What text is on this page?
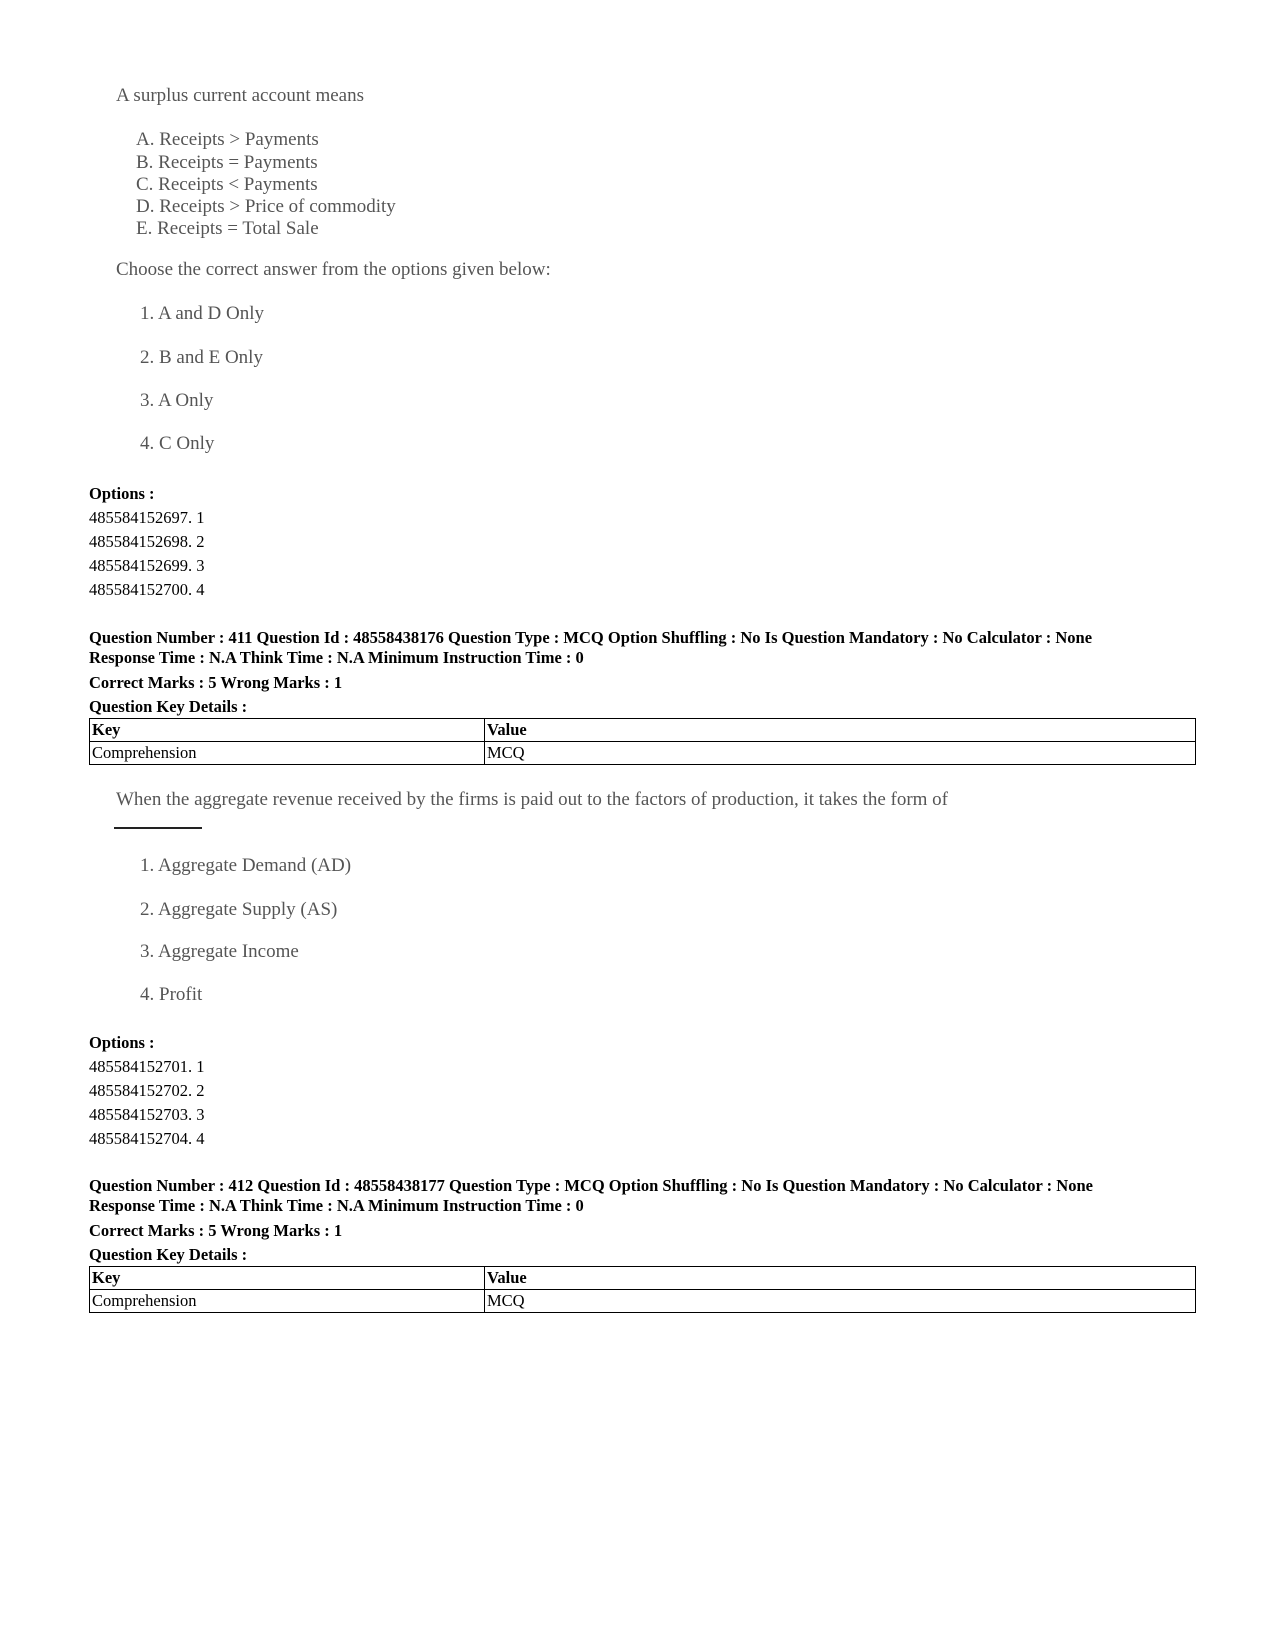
A surplus current account means
A. Receipts > Payments
B. Receipts = Payments
C. Receipts < Payments
D. Receipts > Price of commodity
E. Receipts = Total Sale
Choose the correct answer from the options given below:
1. A and D Only
2. B and E Only
3. A Only
4. C Only
Options :
485584152697. 1
485584152698. 2
485584152699. 3
485584152700. 4
Question Number : 411 Question Id : 48558438176 Question Type : MCQ Option Shuffling : No Is Question Mandatory : No Calculator : None
Response Time : N.A Think Time : N.A Minimum Instruction Time : 0
Correct Marks : 5 Wrong Marks : 1
Question Key Details :
Key	Value
Comprehension	MCQ
When the aggregate revenue received by the firms is paid out to the factors of production, it takes the form of
1. Aggregate Demand (AD)
2. Aggregate Supply (AS)
3. Aggregate Income
4. Profit
Options :
485584152701. 1
485584152702. 2
485584152703. 3
485584152704. 4
Question Number : 412 Question Id : 48558438177 Question Type : MCQ Option Shuffling : No Is Question Mandatory : No Calculator : None
Response Time : N.A Think Time : N.A Minimum Instruction Time : 0
Correct Marks : 5 Wrong Marks : 1
Question Key Details :
Key	Value
Comprehension	MCQ
